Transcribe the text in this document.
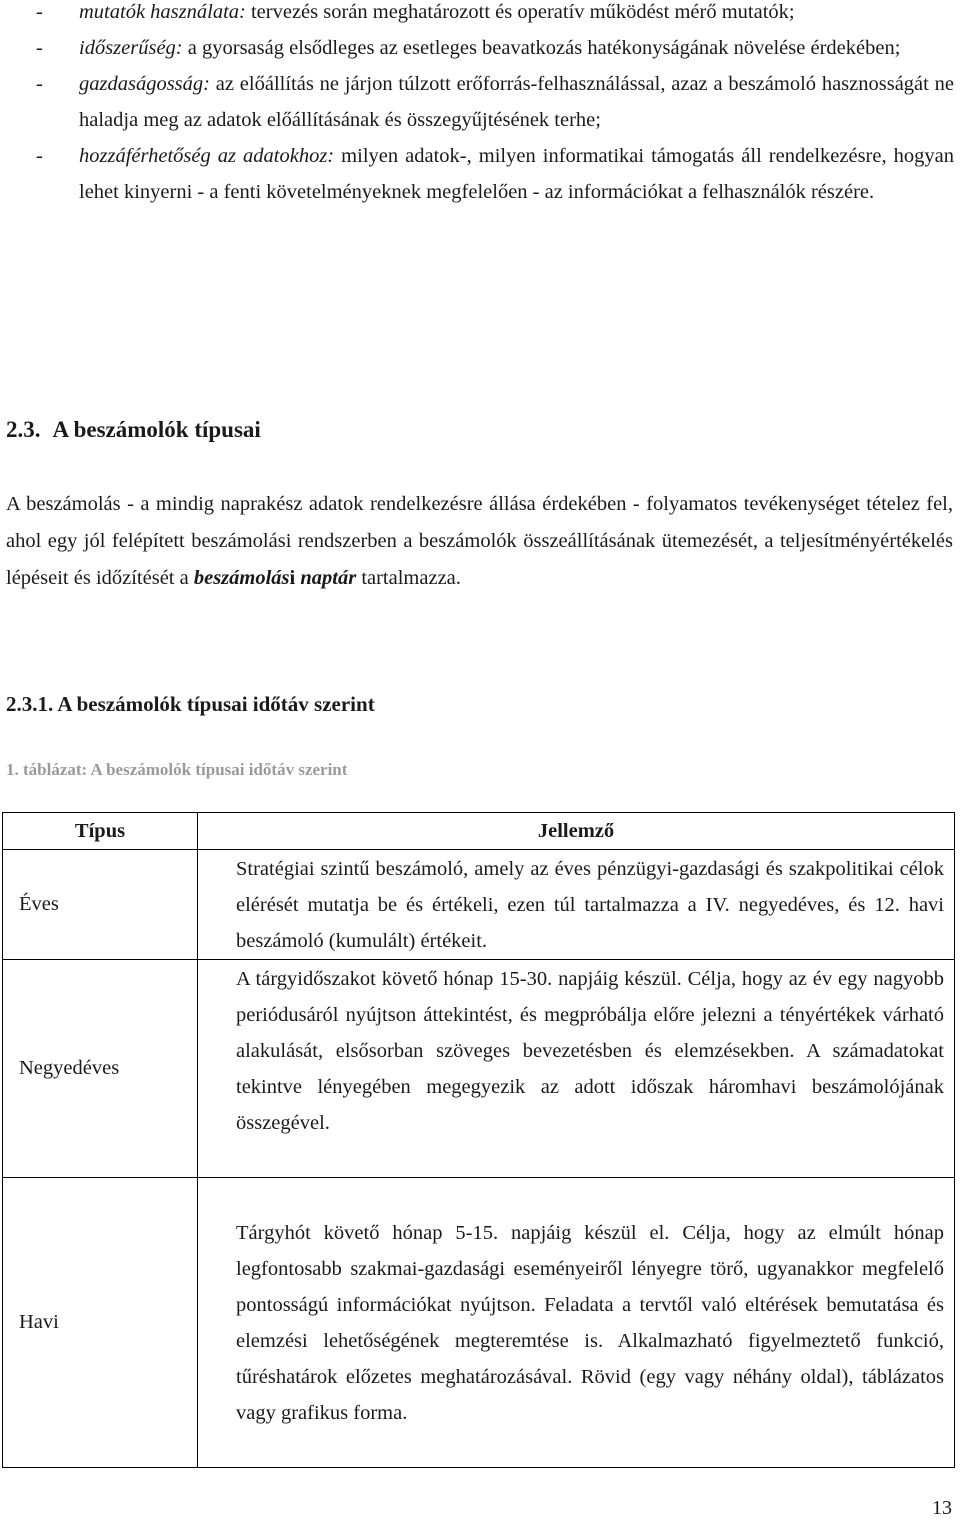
- mutatók használata: tervezés során meghatározott és operatív működést mérő mutatók;
- időszerűség: a gyorsaság elsődleges az esetleges beavatkozás hatékonyságának növelése érdekében;
- gazdaságosság: az előállítás ne járjon túlzott erőforrás-felhasználással, azaz a beszámoló hasznosságát ne haladja meg az adatok előállításának és összegyűjtésének terhe;
- hozzáférhetőség az adatokhoz: milyen adatok-, milyen informatikai támogatás áll rendelkezésre, hogyan lehet kinyerni - a fenti követelményeknek megfelelően - az információkat a felhasználók részére.
2.3. A beszámolók típusai

A beszámolás - a mindig naprakész adatok rendelkezésre állása érdekében - folyamatos tevékenységet tételez fel, ahol egy jól felépített beszámolási rendszerben a beszámolók összeállításának ütemezését, a teljesítményértékelés lépéseit és időzítését a beszámolási naptár tartalmazza.

2.3.1. A beszámolók típusai időtáv szerint

1. táblázat: A beszámolók típusai időtáv szerint

Típus	Jellemző
Éves	Stratégiai szintű beszámoló, amely az éves pénzügyi-gazdasági és szakpolitikai célok elérését mutatja be és értékeli, ezen túl tartalmazza a IV. negyedéves, és 12. havi beszámoló (kumulált) értékeit.
Negyedéves	A tárgyidőszakot követő hónap 15-30. napjáig készül. Célja, hogy az év egy nagyobb periódusáról nyújtson áttekintést, és megpróbálja előre jelezni a tényértékek várható alakulását, elsősorban szöveges bevezetésben és elemzésekben. A számadatokat tekintve lényegében megegyezik az adott időszak háromhavi beszámolójának összegével.
Havi	Tárgyhót követő hónap 5-15. napjáig készül el. Célja, hogy az elmúlt hónap legfontosabb szakmai-gazdasági eseményeiről lényegre törő, ugyanakkor megfelelő pontosságú információkat nyújtson. Feladata a tervtől való eltérések bemutatása és elemzési lehetőségének megteremtése is. Alkalmazható figyelmeztető funkció, tűréshatárok előzetes meghatározásával. Rövid (egy vagy néhány oldal), táblázatos vagy grafikus forma.

13
